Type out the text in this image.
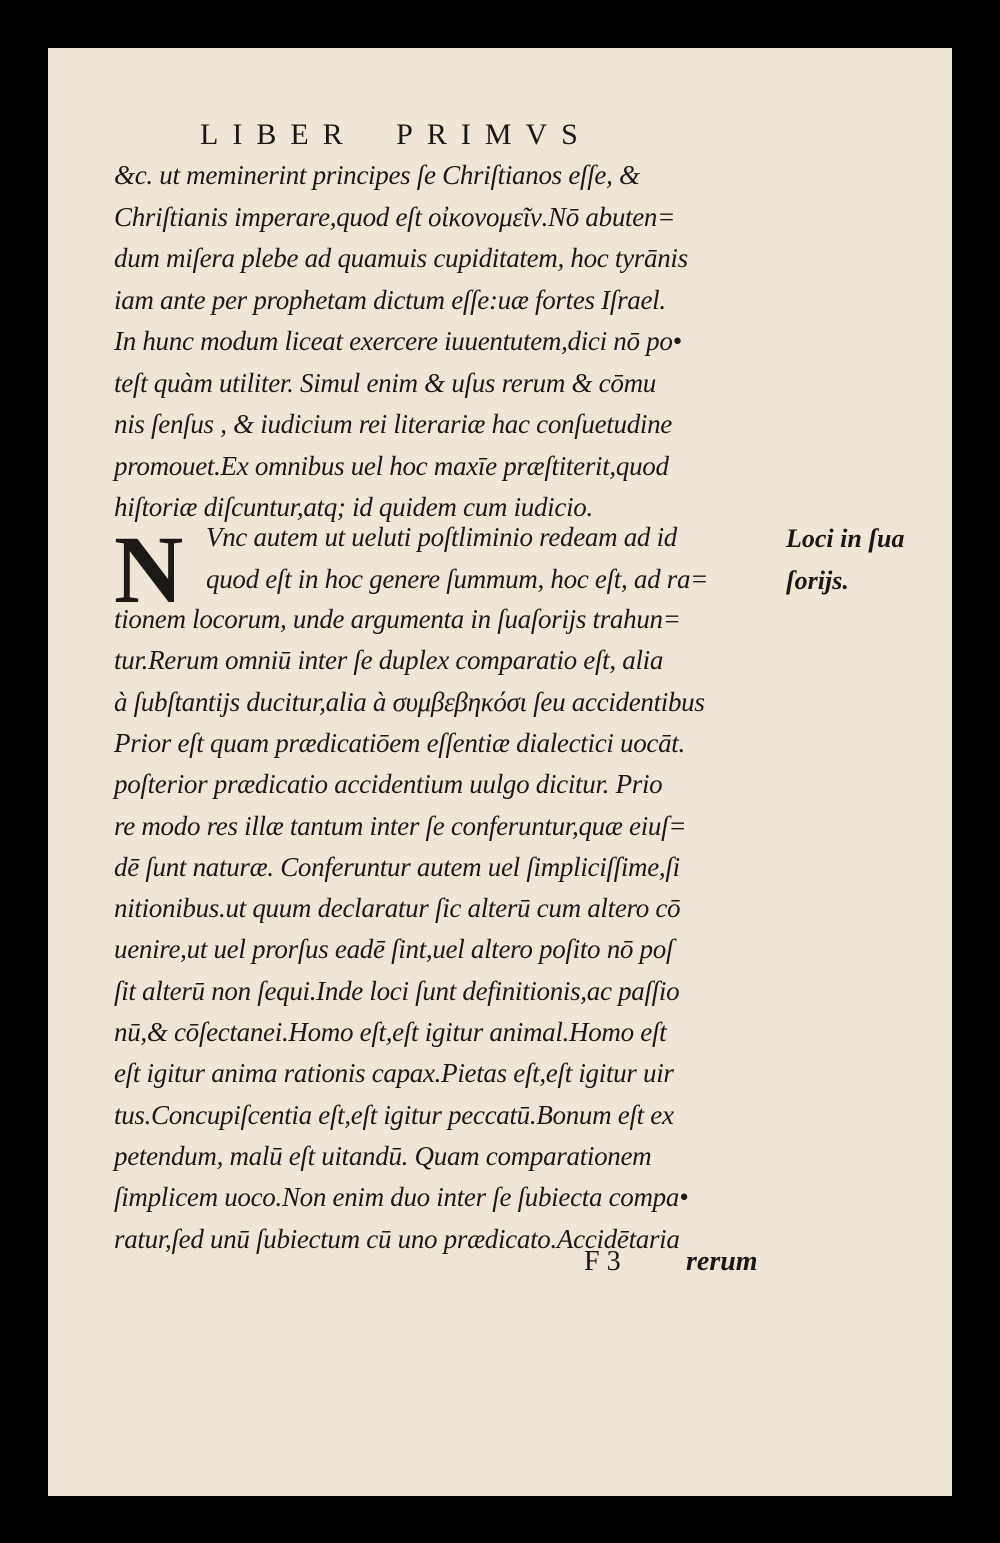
LIBER PRIMVS
&c. ut meminerint principes ſe Chriſtianos eſſe, &
Chriſtianis imperare,quod eſt οἰκονομεῖν.Nō abuten=
dum miſera plebe ad quamuis cupiditatem, hoc tyrānis
iam ante per prophetam dictum eſſe:uæ fortes Iſrael.
In hunc modum liceat exercere iuuentutem,dici nō po•
teſt quàm utiliter. Simul enim & uſus rerum & cōmu
nis ſenſus , & iudicium rei literariæ hac conſuetudine
promouet.Ex omnibus uel hoc maxīe præſtiterit,quod
hiſtoriæ diſcuntur,atq; id quidem cum iudicio.
N Vnc autem ut ueluti poſtliminio redeam ad id
quod eſt in hoc genere ſummum, hoc eſt, ad ra=
tionem locorum, unde argumenta in ſuaſorijs trahun=
tur.Rerum omniū inter ſe duplex comparatio eſt, alia
à ſubſtantijs ducitur,alia à συμβεβηκόσι ſeu accidentibus
Prior eſt quam prædicatiōem eſſentiæ dialectici uocāt.
poſterior prædicatio accidentium uulgo dicitur. Prio
re modo res illæ tantum inter ſe conferuntur,quæ eiuſ=
dē ſunt naturæ. Conferuntur autem uel ſimpliciſſime,ſi
nitionibus.ut quum declaratur ſic alterū cum altero cō
uenire,ut uel prorſus eadē ſint,uel altero poſito nō poſ
ſit alterū non ſequi.Inde loci ſunt definitionis,ac paſſio
nū,& cōſectanei.Homo eſt,eſt igitur animal.Homo eſt
eſt igitur anima rationis capax.Pietas eſt,eſt igitur uir
tus.Concupiſcentia eſt,eſt igitur peccatū.Bonum eſt ex
petendum, malū eſt uitandū. Quam comparationem
ſimplicem uoco.Non enim duo inter ſe ſubiecta compa•
ratur,ſed unū ſubiectum cū uno prædicato.Accidētaria
Loci in ſua
ſorijs.
F 3 rerum
